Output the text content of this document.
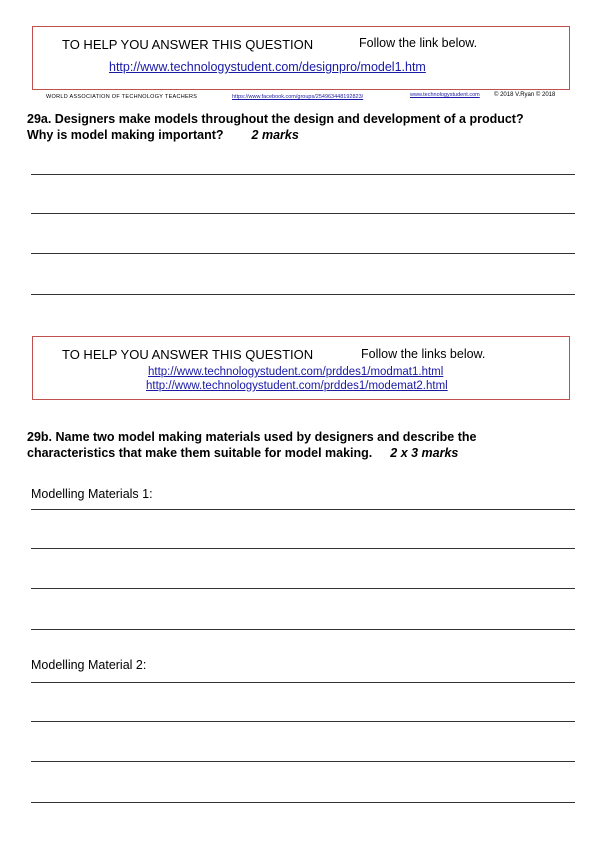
TO HELP YOU ANSWER THIS QUESTION	Follow the link below.
http://www.technologystudent.com/designpro/model1.htm
WORLD ASSOCIATION OF TECHNOLOGY TEACHERS	https://www.facebook.com/groups/254963448192823/	www.technologystudent.com © 2018 V.Ryan © 2018
29a. Designers make models throughout the design and development of a product?
Why is model making important? 2 marks
TO HELP YOU ANSWER THIS QUESTION	Follow the links below.
http://www.technologystudent.com/prddes1/modmat1.html
http://www.technologystudent.com/prddes1/modemat2.html
29b. Name two model making materials used by designers and describe the
characteristics that make them suitable for model making. 2 x 3 marks
Modelling Materials 1:
Modelling Material 2:
